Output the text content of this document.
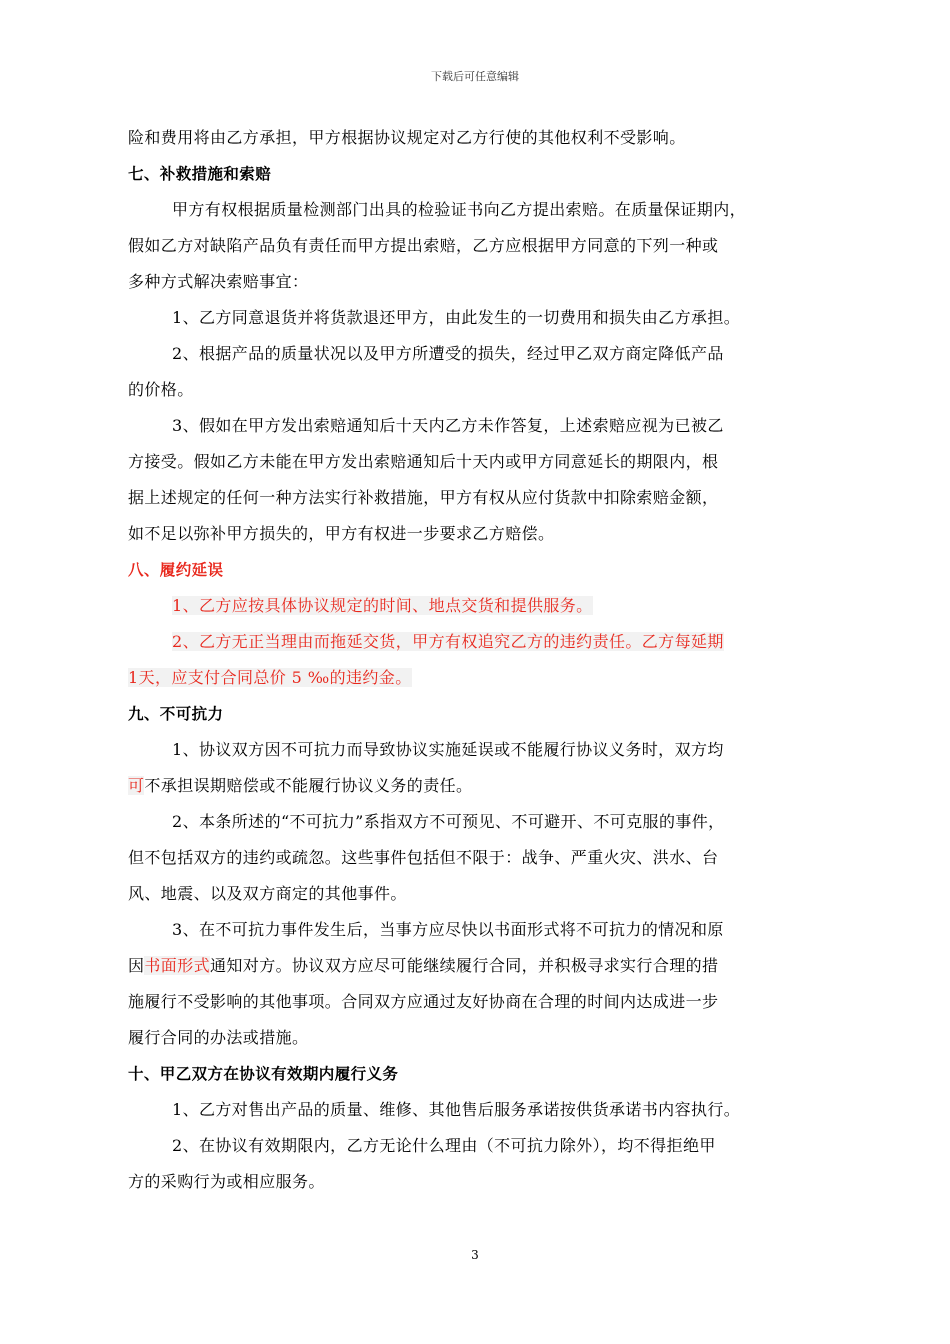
下载后可任意编辑
险和费用将由乙方承担，甲方根据协议规定对乙方行使的其他权利不受影响。
七、补救措施和索赔
甲方有权根据质量检测部门出具的检验证书向乙方提出索赔。在质量保证期内，
假如乙方对缺陷产品负有责任而甲方提出索赔，乙方应根据甲方同意的下列一种或
多种方式解决索赔事宜：
1、乙方同意退货并将货款退还甲方，由此发生的一切费用和损失由乙方承担。
2、根据产品的质量状况以及甲方所遭受的损失，经过甲乙双方商定降低产品
的价格。
3、假如在甲方发出索赔通知后十天内乙方未作答复，上述索赔应视为已被乙
方接受。假如乙方未能在甲方发出索赔通知后十天内或甲方同意延长的期限内，根
据上述规定的任何一种方法实行补救措施，甲方有权从应付货款中扣除索赔金额，
如不足以弥补甲方损失的，甲方有权进一步要求乙方赔偿。
八、履约延误
1、乙方应按具体协议规定的时间、地点交货和提供服务。
2、乙方无正当理由而拖延交货，甲方有权追究乙方的违约责任。乙方每延期
1天，应支付合同总价 5 ‰的违约金。
九、不可抗力
1、协议双方因不可抗力而导致协议实施延误或不能履行协议义务时，双方均
可不承担误期赔偿或不能履行协议义务的责任。
2、本条所述的“不可抗力”系指双方不可预见、不可避开、不可克服的事件，
但不包括双方的违约或疏忽。这些事件包括但不限于：战争、严重火灾、洪水、台
风、地震、以及双方商定的其他事件。
3、在不可抗力事件发生后，当事方应尽快以书面形式将不可抗力的情况和原
因书面形式通知对方。协议双方应尽可能继续履行合同，并积极寻求实行合理的措
施履行不受影响的其他事项。合同双方应通过友好协商在合理的时间内达成进一步
履行合同的办法或措施。
十、甲乙双方在协议有效期内履行义务
1、乙方对售出产品的质量、维修、其他售后服务承诺按供货承诺书内容执行。
2、在协议有效期限内，乙方无论什么理由（不可抗力除外），均不得拒绝甲
方的采购行为或相应服务。
3
